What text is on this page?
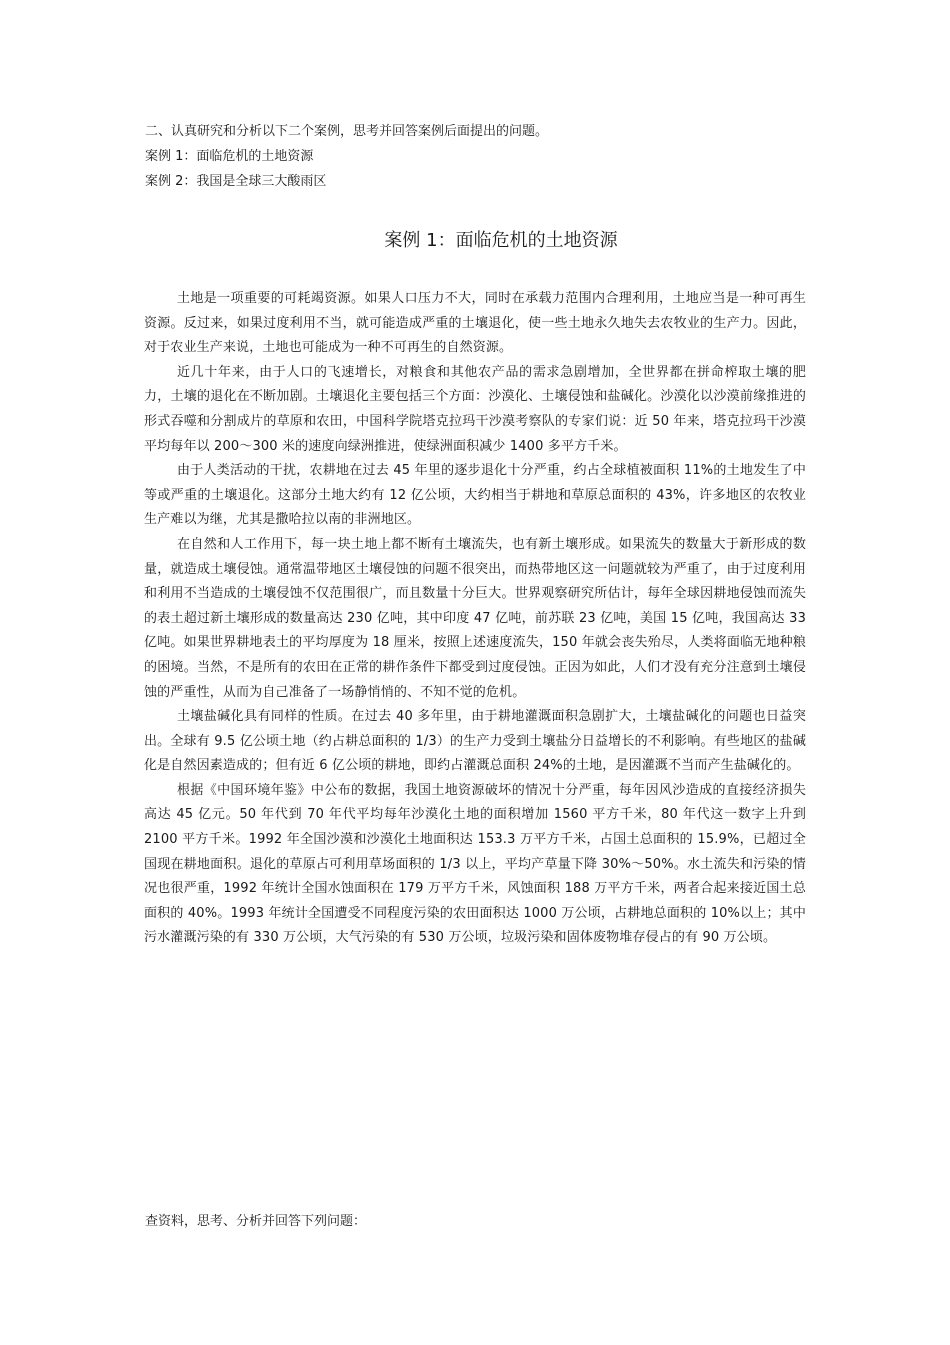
二、认真研究和分析以下二个案例，思考并回答案例后面提出的问题。

案例 1：面临危机的土地资源

案例 2：我国是全球三大酸雨区

案例 1：面临危机的土地资源

土地是一项重要的可耗竭资源。如果人口压力不大，同时在承载力范围内合理利用，土地应当是一种可再生资源。反过来，如果过度利用不当，就可能造成严重的土壤退化，使一些土地永久地失去农牧业的生产力。因此，对于农业生产来说，土地也可能成为一种不可再生的自然资源。

近几十年来，由于人口的飞速增长，对粮食和其他农产品的需求急剧增加，全世界都在拼命榨取土壤的肥力，土壤的退化在不断加剧。土壤退化主要包括三个方面：沙漠化、土壤侵蚀和盐碱化。沙漠化以沙漠前缘推进的形式吞噬和分割成片的草原和农田，中国科学院塔克拉玛干沙漠考察队的专家们说：近 50 年来，塔克拉玛干沙漠平均每年以 200～300 米的速度向绿洲推进，使绿洲面积减少 1400 多平方千米。

由于人类活动的干扰，农耕地在过去 45 年里的逐步退化十分严重，约占全球植被面积 11%的土地发生了中等或严重的土壤退化。这部分土地大约有 12 亿公顷，大约相当于耕地和草原总面积的 43%，许多地区的农牧业生产难以为继，尤其是撒哈拉以南的非洲地区。

在自然和人工作用下，每一块土地上都不断有土壤流失，也有新土壤形成。如果流失的数量大于新形成的数量，就造成土壤侵蚀。通常温带地区土壤侵蚀的问题不很突出，而热带地区这一问题就较为严重了，由于过度利用和利用不当造成的土壤侵蚀不仅范围很广，而且数量十分巨大。世界观察研究所估计，每年全球因耕地侵蚀而流失的表土超过新土壤形成的数量高达 230 亿吨，其中印度 47 亿吨，前苏联 23 亿吨，美国 15 亿吨，我国高达 33 亿吨。如果世界耕地表土的平均厚度为 18 厘米，按照上述速度流失，150 年就会丧失殆尽，人类将面临无地种粮的困境。当然，不是所有的农田在正常的耕作条件下都受到过度侵蚀。正因为如此，人们才没有充分注意到土壤侵蚀的严重性，从而为自己准备了一场静悄悄的、不知不觉的危机。

土壤盐碱化具有同样的性质。在过去 40 多年里，由于耕地灌溉面积急剧扩大，土壤盐碱化的问题也日益突出。全球有 9.5 亿公顷土地（约占耕总面积的 1/3）的生产力受到土壤盐分日益增长的不利影响。有些地区的盐碱化是自然因素造成的；但有近 6 亿公顷的耕地，即约占灌溉总面积 24%的土地，是因灌溉不当而产生盐碱化的。

根据《中国环境年鉴》中公布的数据，我国土地资源破坏的情况十分严重，每年因风沙造成的直接经济损失高达 45 亿元。50 年代到 70 年代平均每年沙漠化土地的面积增加 1560 平方千米，80 年代这一数字上升到 2100 平方千米。1992 年全国沙漠和沙漠化土地面积达 153.3 万平方千米，占国土总面积的 15.9%，已超过全国现在耕地面积。退化的草原占可利用草场面积的 1/3 以上，平均产草量下降 30%～50%。水土流失和污染的情况也很严重，1992 年统计全国水蚀面积在 179 万平方千米，风蚀面积 188 万平方千米，两者合起来接近国土总面积的 40%。1993 年统计全国遭受不同程度污染的农田面积达 1000 万公顷，占耕地总面积的 10%以上；其中污水灌溉污染的有 330 万公顷，大气污染的有 530 万公顷，垃圾污染和固体废物堆存侵占的有 90 万公顷。

查资料，思考、分析并回答下列问题：
